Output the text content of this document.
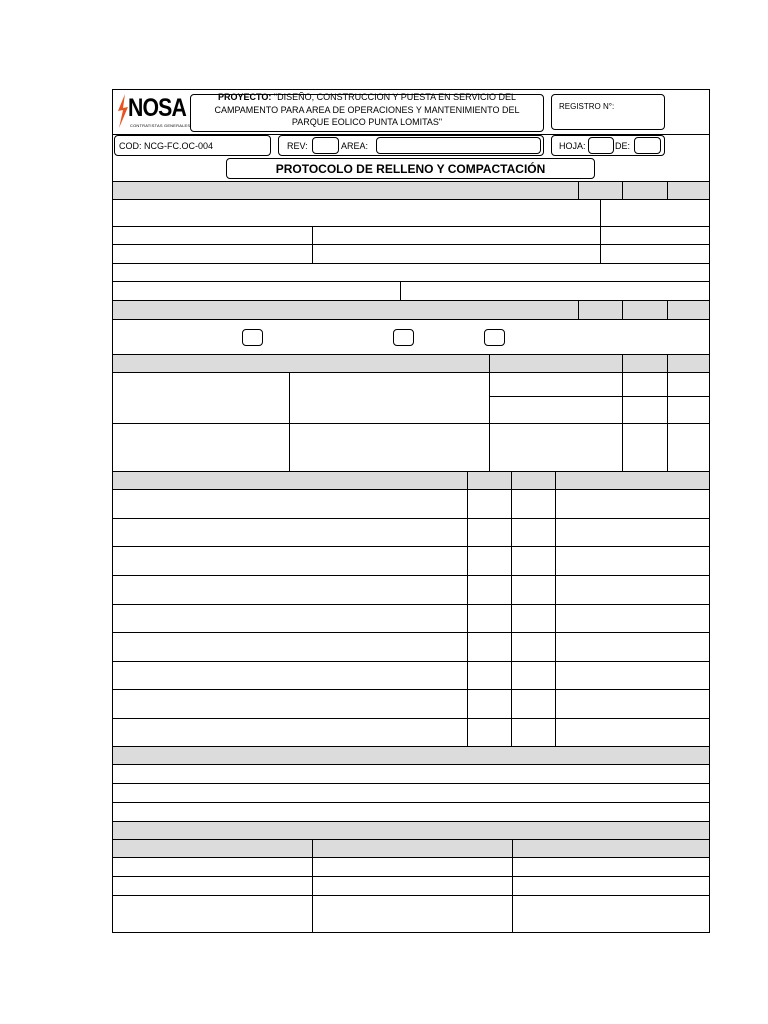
NOSA
CONTRATISTAS GENERALES
PROYECTO: "DISEÑO, CONSTRUCCION Y PUESTA EN SERVICIO DEL
CAMPAMENTO PARA AREA DE OPERACIONES Y MANTENIMIENTO DEL
PARQUE EOLICO PUNTA LOMITAS"
REGISTRO N°:
COD: NCG-FC.OC-004	REV:	AREA:	HOJA:	DE:
PROTOCOLO DE RELLENO Y COMPACTACIÓN
